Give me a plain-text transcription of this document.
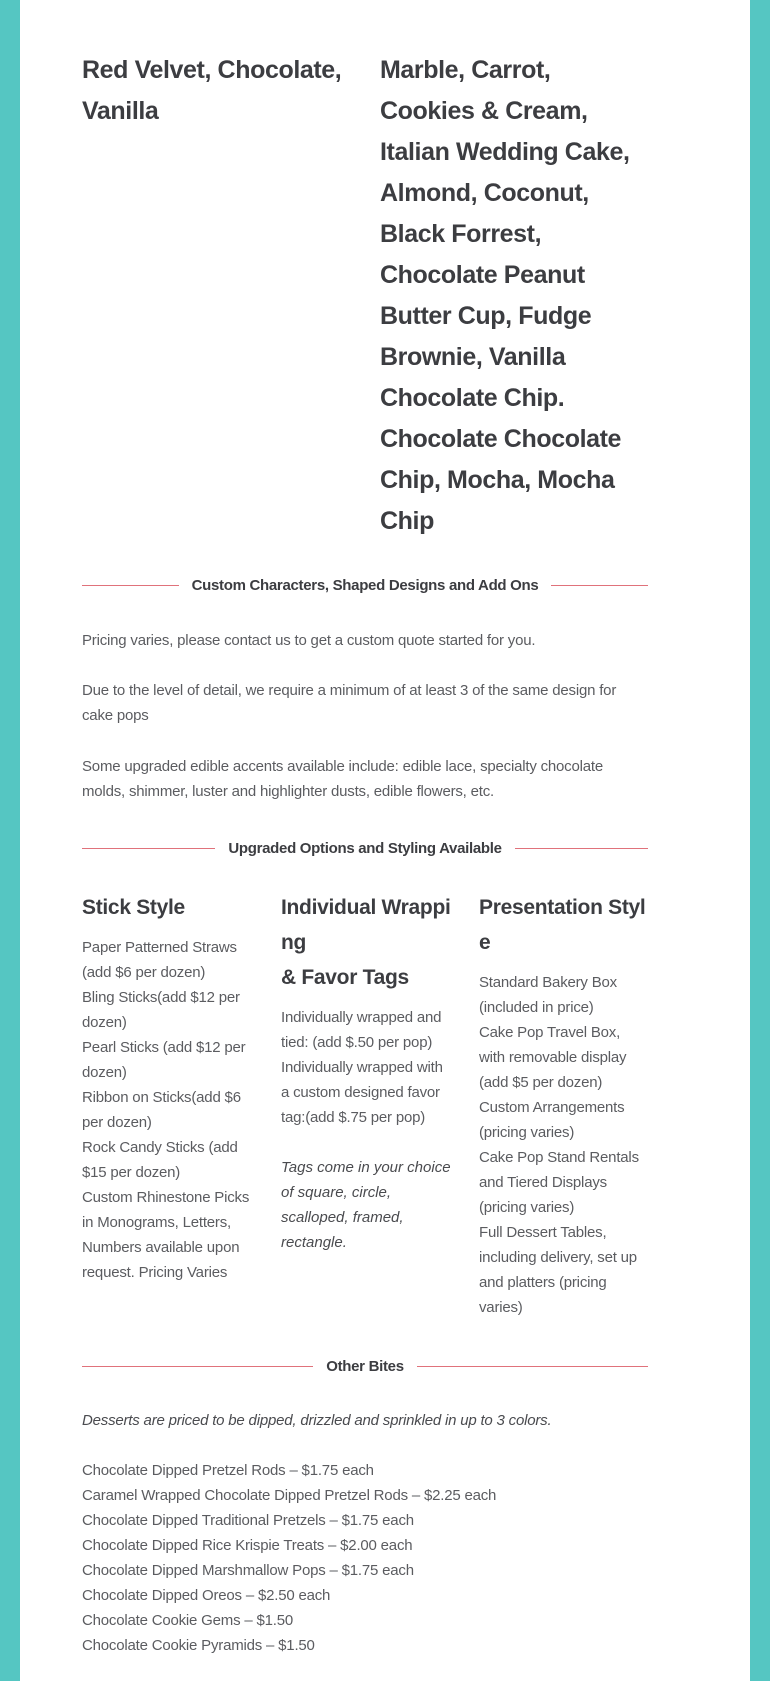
Red Velvet, Chocolate, Vanilla
Marble, Carrot, Cookies & Cream, Italian Wedding Cake, Almond, Coconut, Black Forrest, Chocolate Peanut Butter Cup, Fudge Brownie, Vanilla Chocolate Chip. Chocolate Chocolate Chip, Mocha, Mocha Chip
Custom Characters, Shaped Designs and Add Ons
Pricing varies, please contact us to get a custom quote started for you.
Due to the level of detail, we require a minimum of at least 3 of the same design for cake pops
Some upgraded edible accents available include: edible lace, specialty chocolate molds, shimmer, luster and highlighter dusts, edible flowers, etc.
Upgraded Options and Styling Available
Stick Style
Paper Patterned Straws (add $6 per dozen)
Bling Sticks(add $12 per dozen)
Pearl Sticks (add $12 per dozen)
Ribbon on Sticks(add $6 per dozen)
Rock Candy Sticks (add $15 per dozen)
Custom Rhinestone Picks in Monograms, Letters, Numbers available upon request. Pricing Varies
Individual Wrapping
& Favor Tags
Individually wrapped and tied: (add $.50 per pop)
Individually wrapped with a custom designed favor tag:(add $.75 per pop)
Tags come in your choice of square, circle, scalloped, framed, rectangle.
Presentation Style
Standard Bakery Box (included in price)
Cake Pop Travel Box, with removable display (add $5 per dozen)
Custom Arrangements (pricing varies)
Cake Pop Stand Rentals and Tiered Displays (pricing varies)
Full Dessert Tables, including delivery, set up and platters (pricing varies)
Other Bites
Desserts are priced to be dipped, drizzled and sprinkled in up to 3 colors.
Chocolate Dipped Pretzel Rods – $1.75 each
Caramel Wrapped Chocolate Dipped Pretzel Rods – $2.25 each
Chocolate Dipped Traditional Pretzels – $1.75 each
Chocolate Dipped Rice Krispie Treats – $2.00 each
Chocolate Dipped Marshmallow Pops – $1.75 each
Chocolate Dipped Oreos – $2.50 each
Chocolate Cookie Gems – $1.50
Chocolate Cookie Pyramids – $1.50
